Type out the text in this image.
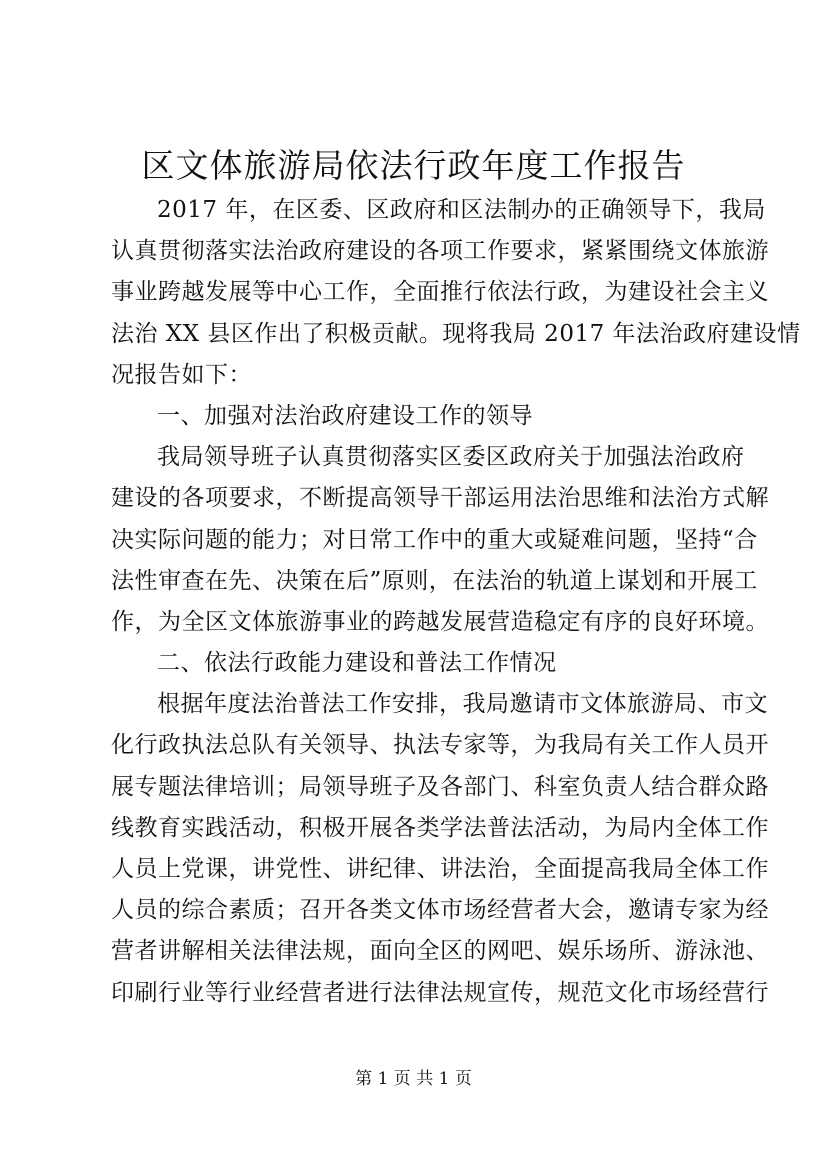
区文体旅游局依法行政年度工作报告
2017 年，在区委、区政府和区法制办的正确领导下，我局
认真贯彻落实法治政府建设的各项工作要求，紧紧围绕文体旅游
事业跨越发展等中心工作，全面推行依法行政，为建设社会主义
法治 XX 县区作出了积极贡献。现将我局 2017 年法治政府建设情
况报告如下：
一、加强对法治政府建设工作的领导
我局领导班子认真贯彻落实区委区政府关于加强法治政府
建设的各项要求，不断提高领导干部运用法治思维和法治方式解
决实际问题的能力；对日常工作中的重大或疑难问题，坚持“合
法性审查在先、决策在后”原则，在法治的轨道上谋划和开展工
作，为全区文体旅游事业的跨越发展营造稳定有序的良好环境。
二、依法行政能力建设和普法工作情况
根据年度法治普法工作安排，我局邀请市文体旅游局、市文
化行政执法总队有关领导、执法专家等，为我局有关工作人员开
展专题法律培训；局领导班子及各部门、科室负责人结合群众路
线教育实践活动，积极开展各类学法普法活动，为局内全体工作
人员上党课，讲党性、讲纪律、讲法治，全面提高我局全体工作
人员的综合素质；召开各类文体市场经营者大会，邀请专家为经
营者讲解相关法律法规，面向全区的网吧、娱乐场所、游泳池、
印刷行业等行业经营者进行法律法规宣传，规范文化市场经营行
第 1 页 共 1 页
